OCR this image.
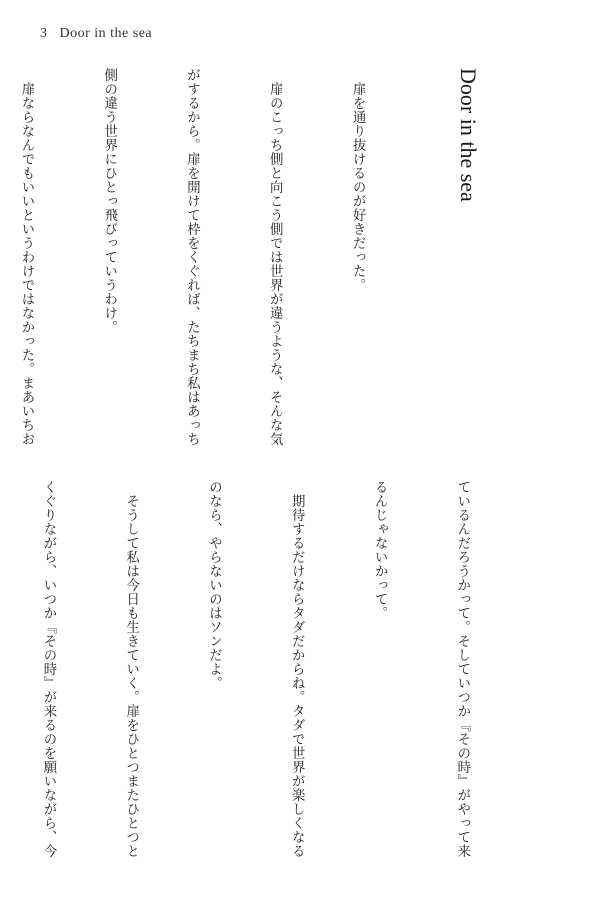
3 Door in the sea

Door in the sea

　扉を通り抜けるのが好きだった。

　扉のこっち側と向こう側では世界が違うような、そんな気

がするから。扉を開けて枠をくぐれば、たちまち私はあっち

側の違う世界にひとっ飛びっていうわけ。

　扉ならなんでもいいというわけではなかった。まあいちお

ているんだろうかって。そしていつか『その時』がやって来

るんじゃないかって。

　期待するだけならタダだからね。タダで世界が楽しくなる

のなら、やらないのはソンだよ。

　そうして私は今日も生きていく。扉をひとつまたひとつと

くぐりながら、いつか『その時』が来るのを願いながら、今
